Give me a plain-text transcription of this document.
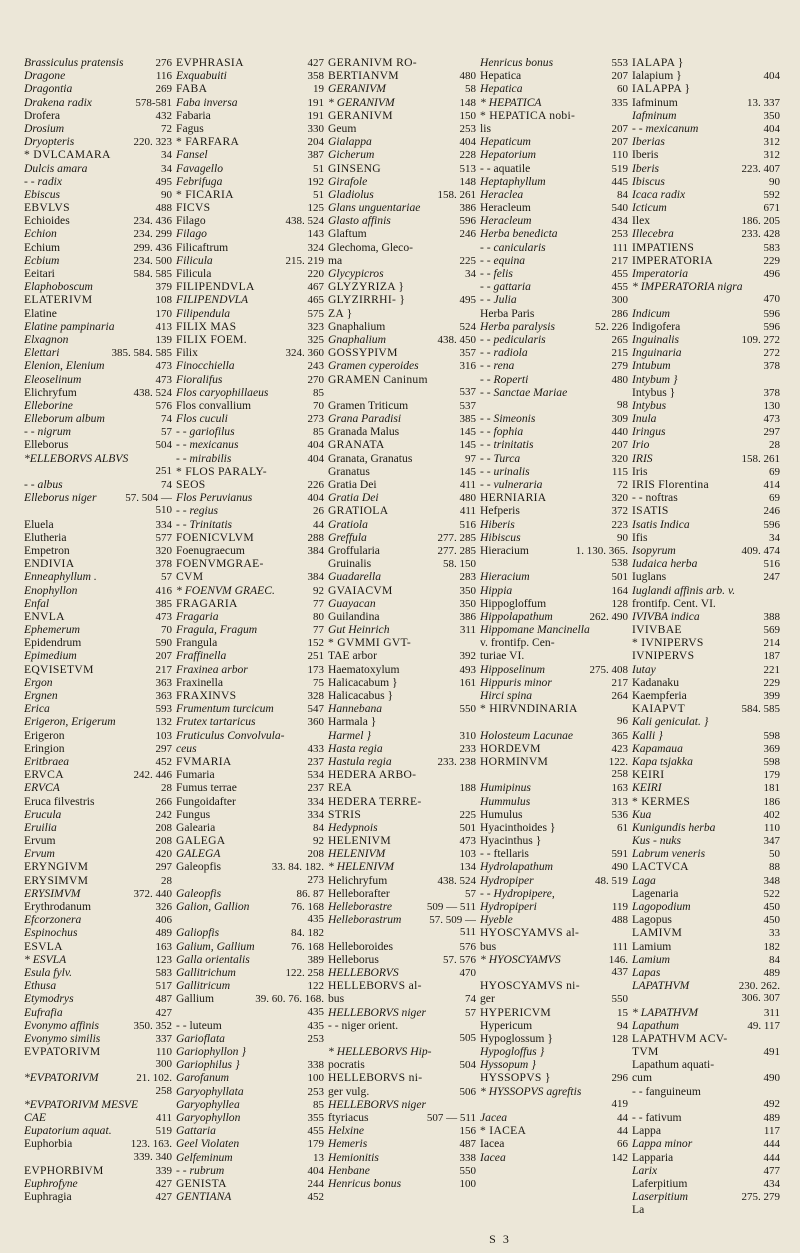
Brassiculus pratensis	276
Dragone	116
Dragontia	269
Drakena radix	578-581
Drofera	432
Drosium	72
Dryopteris	220. 323
* DVLCAMARA	34
Dulcis amara	34
- - radix	495
Ebiscus	90
EBVLVS	488
Echioides	234. 436
Echion	234. 299
Echium	299. 436
Ecbium	234. 500
Eeitari	584. 585
Elaphoboscum	379
ELATERIVM	108
Elatine	170
Elatine pampinaria	413
Elxagnon	139
Elettari	385. 584. 585
Elenion, Elenium	473
Eleoselinum	473
Elichryfum	438. 524
Elleborine	576
Elleborum album	74
- - nigrum	57
Elleborus	504
*ELLEBORVS ALBVS
251
- - albus	74
Elleborus niger	57. 504 —
510
Eluela	334
Elutheria	577
Empetron	320
ENDIVIA	378
Enneaphyllum .	57
Enophyllon	416
Enfal	385
ENVLA	473
Ephemerum	70
Epidendrum	590
Epimedium	207
EQVISETVM	217
Ergon	363
Ergnen	363
Erica	593
Erigeron, Erigerum	132
Erigeron	103
Eringion	297
Eritbraea	452
ERVCA	242. 446
ERVCA	28
Eruca filvestris	266
Erucula	242
Eruilia	208
Ervum	208
Ervum	420
ERYNGIVM	297
ERYSIMVM	28
ERYSIMVM	372. 440
Erythrodanum	326
Efcorzonera	406
Espinochus	489
ESVLA	163
* ESVLA	123
Esula fylv.	583
Ethusa	517
Etymodrys	487
Eufrafia	427
Evonymo affinis	350. 352
Evonymo similis	337
EVPATORIVM	110
300
*EVPATORIVM	21. 102.
258
*EVPATORIVM MESVE
CAE	411
Eupatorium aquat.	519
Euphorbia	123. 163.
339. 340
EVPHORBIVM	339
Euphrofyne	427
Euphragia	427
EVPHRASIA	427
Exquabuiti	358
FABA	19
Faba inversa	191
Fabaria	191
Fagus	330
* FARFARA	204
Fansel	387
Favagello	51
Febrifuga	192
* FICARIA	51
FICVS	125
Filago	438. 524
Filago	143
Filicaftrum	324
Filicula	215. 219
Filicula	220
FILIPENDVLA	467
FILIPENDVLA	465
Filipendula	575
FILIX MAS	323
FILIX FOEM.	325
Filix	324. 360
Finocchiella	243
Fioralifus	270
Flos caryophillaeus	85
Flos convallium	70
Flos cuculi	273
- - gariofilus	85
- - mexicanus	404
- - mirabilis	404
* FLOS PARALY-
SEOS	226
Flos Peruvianus	404
- - regius	26
- - Trinitatis	44
FOENICVLVM	288
Foenugraecum	384
FOENVMGRAE-
CVM	384
* FOENVM GRAEC.	92
FRAGARIA	77
Fragaria	80
Fragula, Fragum	77
Frangula	152
Fraffinella	251
Fraxinea arbor	173
Fraxinella	75
FRAXINVS	328
Frumentum turcicum	547
Frutex tartaricus	360
Fruticulus Convolvula-
ceus	433
FVMARIA	237
Fumaria	534
Fumus terrae	237
Fungoidafter	334
Fungus	334
Galearia	84
GALEGA	92
GALEGA	208
Galeopfis	33. 84. 182.
273
Galeopfis	86. 87
Galion, Gallion	76. 168
435
Galiopfis	84. 182
Galium, Gallium	76. 168
Galla orientalis	389
Gallitrichum	122. 258
Gallitricum	122
Gallium	39. 60. 76. 168.
435
- - luteum	435
Garioflata	253
Gariophyllon }
Gariophilus }	338
Garofanum	100
Garyophyllata	253
Garyophyllea	85
Garyophyllon	355
Gattaria	455
Geel Violaten	179
Gelfeminum	13
- - rubrum	404
GENISTA	244
GENTIANA	452
GERANIVM RO-
BERTIANVM	480
GERANIVM	58
* GERANIVM	148
GERANIVM	150
Geum	253
Gialappa	404
Gicherum	228
GINSENG	513
Girafole	148
Gladiolus	158. 261
Glans unguentariae	386
Glasto affinis	596
Glaftum	246
Glechoma, Gleco-
ma	225
Glycypicros	34
GLYZYRIZA }
GLYZIRRHI- }	495
ZA }
Gnaphalium	524
Gnaphalium	438. 450
GOSSYPIVM	357
Gramen cyperoides	316
GRAMEN Caninum
537
Gramen Triticum	537
Grana Paradisi	385
Granada Malus	145
GRANATA	145
Granata, Granatus	97
Granatus	145
Gratia Dei	411
Gratia Dei	480
GRATIOLA	411
Gratiola	516
Greffula	277. 285
Groffularia	277. 285
Gruinalis	58. 150
Guadarella	283
GVAIACVM	350
Guayacan	350
Guilandina	386
Gut Heinrich	311
* GVMMI GVT-
TAE arbor	392
Haematoxylum	493
Halicacabum }	161
Halicacabus }
Hannebana	550
Harmala }
Harmel }	310
Hasta regia	233
Hastula regia	233. 238
HEDERA ARBO-
REA	188
HEDERA TERRE-
STRIS	225
Hedypnois	501
HELENIVM	473
HELENIVM	103
* HELENIVM	134
Helichryfum	438. 524
Helleborafter	57
Helleborastre	509 — 511
Helleborastrum	57. 509 —
511
Helleboroides	576
Helleborus	57. 576
HELLEBORVS	470
HELLEBORVS al-
bus	74
HELLEBORVS niger	57
- - niger orient.
505
* HELLEBORVS Hip-
pocratis	504
HELLEBORVS ni-
ger vulg.	506
HELLEBORVS niger
ftyriacus	507 — 511
Helxine	156
Hemeris	487
Hemionitis	338
Henbane	550
Henricus bonus	100
Henricus bonus	553
Hepatica	207
Hepatica	60
* HEPATICA	335
* HEPATICA nobi-
lis	207
Hepaticum	207
Hepatorium	110
- - aquatile	519
Heptaphyllum	445
Heraclea	84
Heracleum	540
Heracleum	434
Herba benedicta	253
- - canicularis	111
- - equina	217
- - felis	455
- - gattaria	455
- - Julia	300
Herba Paris	286
Herba paralysis	52. 226
- - pedicularis	265
- - radiola	215
- - rena	279
- - Roperti	480
- - Sanctae Mariae
98
- - Simeonis	309
- - fophia	440
- - trinitatis	207
- - Turca	320
- - urinalis	115
- - vulneraria	72
HERNIARIA	320
Hefperis	372
Hiberis	223
Hibiscus	90
Hieracium	1. 130. 365.
538
Hieracium	501
Hippia	164
Hippogloffum	128
Hippolapathum	262. 490
Hippomane Mancinella
v. frontifp. Cen-
turiae VI.
Hipposelinum	275. 408
Hippuris minor	217
Hirci spina	264
* HIRVNDINARIA
96
Holosteum Lacunae	365
HORDEVM	423
HORMINVM	122.
258
Humipinus	163
Hummulus	313
Humulus	536
Hyacinthoides }	61
Hyacinthus }
- - ftellaris	591
Hydrolapathum	490
Hydropiper	48. 519
- - Hydropipere,
Hydropiperi	119
Hyeble	488
HYOSCYAMVS al-
bus	111
* HYOSCYAMVS	146.
437
HYOSCYAMVS ni-
ger	550
HYPERICVM	15
Hypericum	94
Hypoglossum }	128
Hypogloffus }
Hyssopum }
HYSSOPVS }	296
* HYSSOPVS agreftis
419
Jacea	44
* IACEA	44
Iacea	66
Iacea	142
IALAPA }
Ialapium }	404
IALAPPA }
Iafminum	13. 337
Iafminum	350
- - mexicanum	404
Iberias	312
Iberis	312
Iberis	223. 407
Ibiscus	90
Icaca radix	592
Icticum	671
Ilex	186. 205
Illecebra	233. 428
IMPATIENS	583
IMPERATORIA	229
Imperatoria	496
* IMPERATORIA nigra
470
Indicum	596
Indigofera	596
Inguinalis	109. 272
Inguinaria	272
Intubum	378
Intybum }
Intybus }	378
Intybus	130
Inula	473
Iringus	297
Irio	28
IRIS	158. 261
Iris	69
IRIS Florentina	414
- - noftras	69
ISATIS	246
Isatis Indica	596
Ifis	34
Isopyrum	409. 474
Iudaica herba	516
Iuglans	247
Iuglandi affinis arb. v.
frontifp. Cent. VI.
IVIVBA indica	388
IVIVBAE	569
* IVNIPERVS	214
IVNIPERVS	187
Iutay	221
Kadanaku	229
Kaempferia	399
KAIAPVT	584. 585
Kali geniculat. }
Kalli }	598
Kapamaua	369
Kapa tsjakka	598
KEIRI	179
KEIRI	181
* KERMES	186
Kua	402
Kunigundis herba	110
Kus - nuks	347
Labrum veneris	50
LACTVCA	88
Laga	348
Lagenaria	522
Lagopodium	450
Lagopus	450
LAMIVM	33
Lamium	182
Lamium	84
Lapas	489
LAPATHVM	230. 262.
306. 307
* LAPATHVM	311
Lapathum	49. 117
LAPATHVM ACV-
TVM	491
Lapathum aquati-
cum	490
- - fanguineum
492
- - fativum	489
Lappa	117
Lappa minor	444
Lapparia	444
Larix	477
Laferpitium	434
Laserpitium	275. 279
La
S 3
